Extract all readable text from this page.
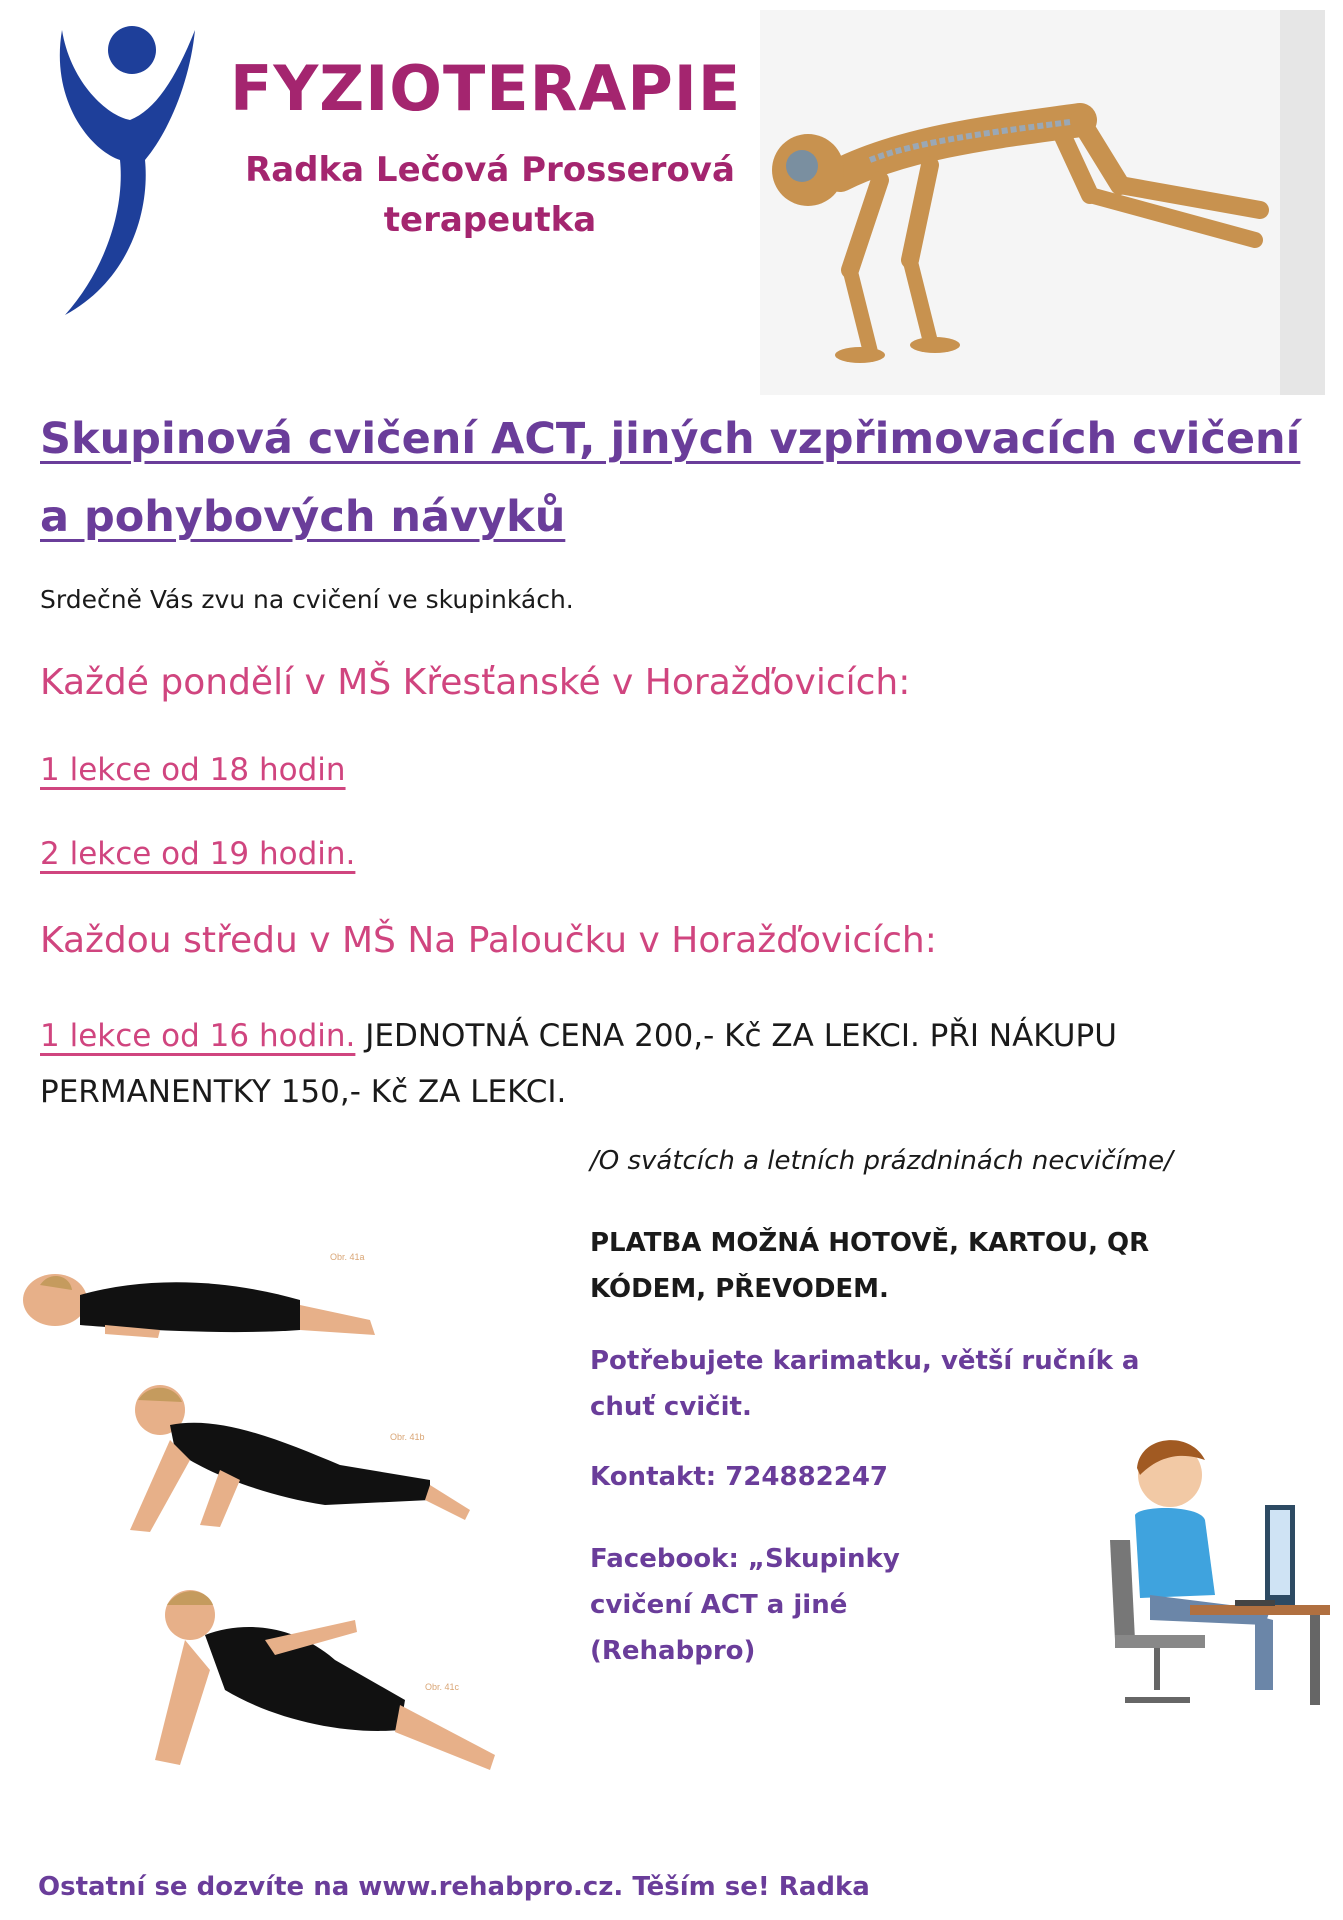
FYZIOTERAPIE
Radka Lečová Prosserová
terapeutka
Skupinová cvičení ACT, jiných vzpřimovacích cvičení
a pohybových návyků
Srdečně Vás zvu na cvičení ve skupinkách.
Každé pondělí v MŠ Křesťanské v Horažďovicích:
1 lekce od 18 hodin
2 lekce od 19 hodin.
Každou středu v MŠ Na Paloučku v Horažďovicích:
1 lekce od 16 hodin. JEDNOTNÁ CENA 200,- Kč ZA LEKCI. PŘI NÁKUPU PERMANENTKY 150,- Kč ZA LEKCI.
/O svátcích a letních prázdninách necvičíme/
PLATBA MOŽNÁ HOTOVĚ, KARTOU, QR KÓDEM, PŘEVODEM.
Potřebujete karimatku, větší ručník a chuť cvičit.
Kontakt: 724882247
Facebook: „Skupinky cvičení ACT a jiné (Rehabpro)
Obr. 41a
Obr. 41b
Obr. 41c
Ostatní se dozvíte na www.rehabpro.cz. Těším se! Radka
